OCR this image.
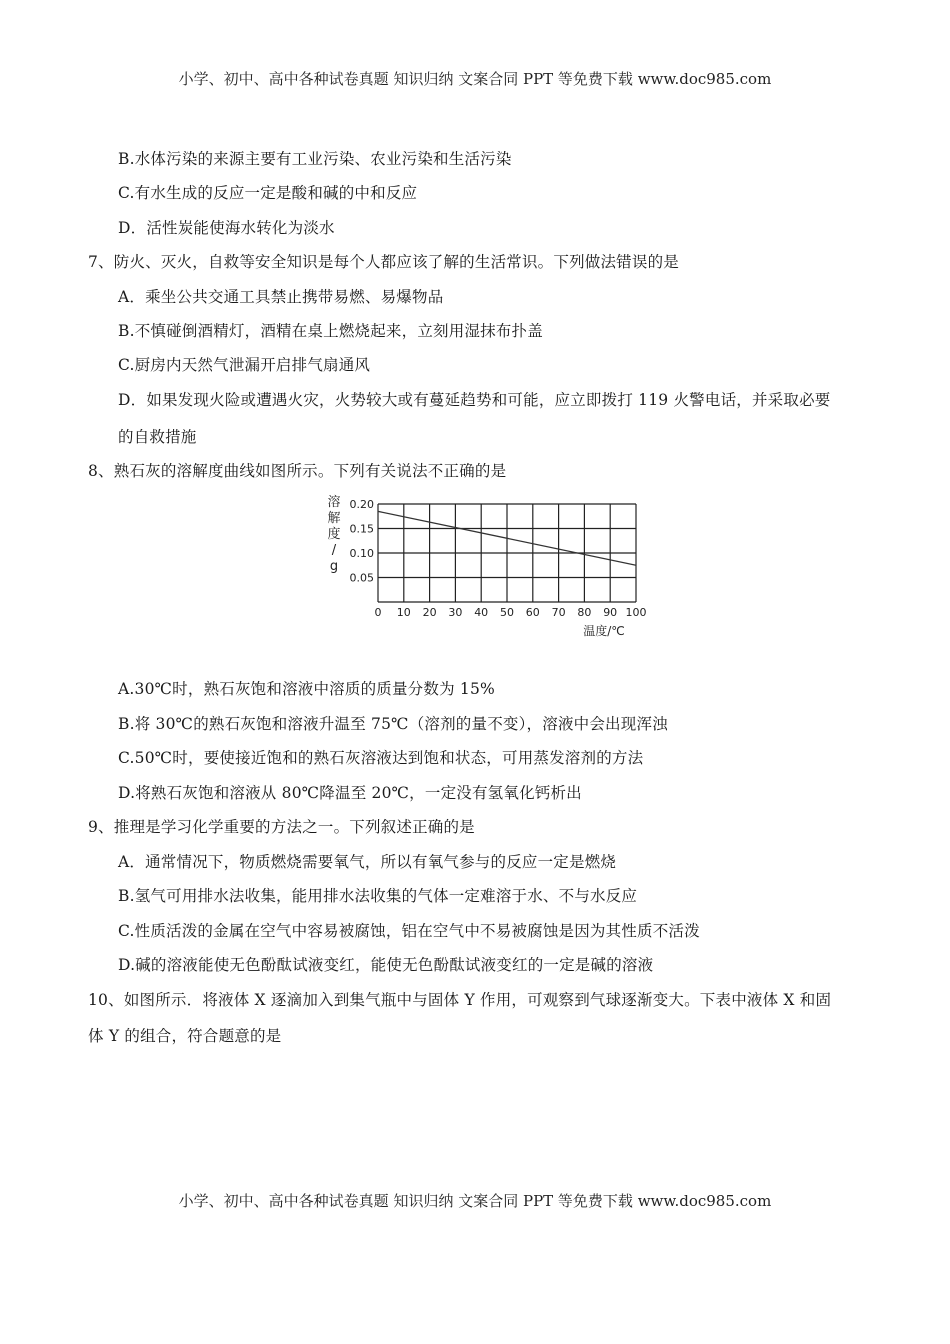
小学、初中、高中各种试卷真题 知识归纳 文案合同 PPT 等免费下载 www.doc985.com
B.水体污染的来源主要有工业污染、农业污染和生活污染
C.有水生成的反应一定是酸和碱的中和反应
D．活性炭能使海水转化为淡水
7、防火、灭火，自救等安全知识是每个人都应该了解的生活常识。下列做法错误的是
A．乘坐公共交通工具禁止携带易燃、易爆物品
B.不慎碰倒酒精灯，酒精在桌上燃烧起来，立刻用湿抹布扑盖
C.厨房内天然气泄漏开启排气扇通风
D．如果发现火险或遭遇火灾，火势较大或有蔓延趋势和可能，应立即拨打 119 火警电话，并采取必要
的自救措施
8、熟石灰的溶解度曲线如图所示。下列有关说法不正确的是
溶
解
度
/
g
0.05
0.10
0.15
0.20
0 10 20 30 40 50 60 70 80 90 100
温度/℃
A.30℃时，熟石灰饱和溶液中溶质的质量分数为 15%
B.将 30℃的熟石灰饱和溶液升温至 75℃（溶剂的量不变），溶液中会出现浑浊
C.50℃时，要使接近饱和的熟石灰溶液达到饱和状态，可用蒸发溶剂的方法
D.将熟石灰饱和溶液从 80℃降温至 20℃，一定没有氢氧化钙析出
9、推理是学习化学重要的方法之一。下列叙述正确的是
A．通常情况下，物质燃烧需要氧气，所以有氧气参与的反应一定是燃烧
B.氢气可用排水法收集，能用排水法收集的气体一定难溶于水、不与水反应
C.性质活泼的金属在空气中容易被腐蚀，铝在空气中不易被腐蚀是因为其性质不活泼
D.碱的溶液能使无色酚酞试液变红，能使无色酚酞试液变红的一定是碱的溶液
10、如图所示．将液体 X 逐滴加入到集气瓶中与固体 Y 作用，可观察到气球逐渐变大。下表中液体 X 和固
体 Y 的组合，符合题意的是
小学、初中、高中各种试卷真题 知识归纳 文案合同 PPT 等免费下载 www.doc985.com
